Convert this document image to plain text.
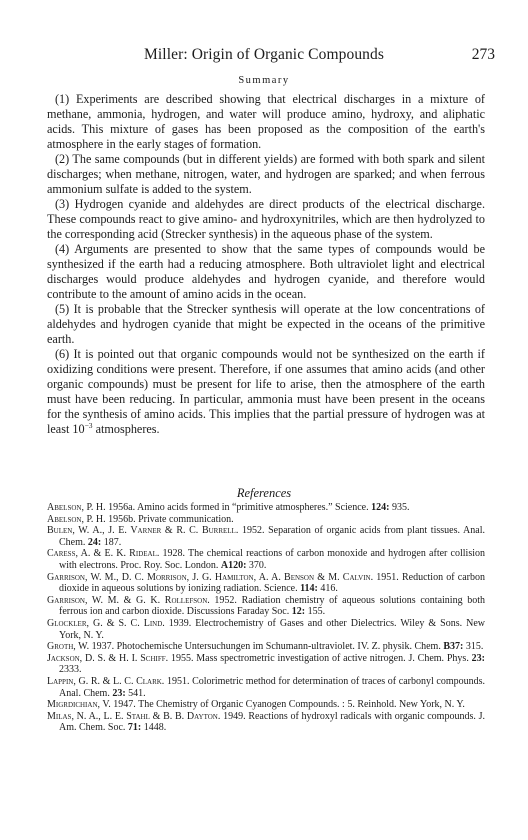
Miller: Origin of Organic Compounds	273
Summary

(1) Experiments are described showing that electrical discharges in a mixture of methane, ammonia, hydrogen, and water will produce amino, hydroxy, and aliphatic acids. This mixture of gases has been proposed as the composition of the earth's atmosphere in the early stages of formation.

(2) The same compounds (but in different yields) are formed with both spark and silent discharges; when methane, nitrogen, water, and hydrogen are sparked; and when ferrous ammonium sulfate is added to the system.

(3) Hydrogen cyanide and aldehydes are direct products of the electrical discharge. These compounds react to give amino- and hydroxynitriles, which are then hydrolyzed to the corresponding acid (Strecker synthesis) in the aqueous phase of the system.

(4) Arguments are presented to show that the same types of compounds would be synthesized if the earth had a reducing atmosphere. Both ultraviolet light and electrical discharges would produce aldehydes and hydrogen cyanide, and therefore would contribute to the amount of amino acids in the ocean.

(5) It is probable that the Strecker synthesis will operate at the low concentrations of aldehydes and hydrogen cyanide that might be expected in the oceans of the primitive earth.

(6) It is pointed out that organic compounds would not be synthesized on the earth if oxidizing conditions were present. Therefore, if one assumes that amino acids (and other organic compounds) must be present for life to arise, then the atmosphere of the earth must have been reducing. In particular, ammonia must have been present in the oceans for the synthesis of amino acids. This implies that the partial pressure of hydrogen was at least $10^{-3}$ atmospheres.

References

Abelson, P. H. 1956a. Amino acids formed in “primitive atmospheres.” Science. 124: 935.

Abelson, P. H. 1956b. Private communication.

Bulen, W. A., J. E. Varner & R. C. Burrell. 1952. Separation of organic acids from plant tissues. Anal. Chem. 24: 187.

Caress, A. & E. K. Rideal. 1928. The chemical reactions of carbon monoxide and hydrogen after collision with electrons. Proc. Roy. Soc. London. A120: 370.

Garrison, W. M., D. C. Morrison, J. G. Hamilton, A. A. Benson & M. Calvin. 1951. Reduction of carbon dioxide in aqueous solutions by ionizing radiation. Science. 114: 416.

Garrison, W. M. & G. K. Rollefson. 1952. Radiation chemistry of aqueous solutions containing both ferrous ion and carbon dioxide. Discussions Faraday Soc. 12: 155.

Glockler, G. & S. C. Lind. 1939. Electrochemistry of Gases and other Dielectrics. Wiley & Sons. New York, N. Y.

Groth, W. 1937. Photochemische Untersuchungen im Schumann-ultraviolet. IV. Z. physik. Chem. B37: 315.

Jackson, D. S. & H. I. Schiff. 1955. Mass spectrometric investigation of active nitrogen. J. Chem. Phys. 23: 2333.

Lappin, G. R. & L. C. Clark. 1951. Colorimetric method for determination of traces of carbonyl compounds. Anal. Chem. 23: 541.

Migrdichian, V. 1947. The Chemistry of Organic Cyanogen Compounds. : 5. Reinhold. New York, N. Y.

Milas, N. A., L. E. Stahl & B. B. Dayton. 1949. Reactions of hydroxyl radicals with organic compounds. J. Am. Chem. Soc. 71: 1448.
